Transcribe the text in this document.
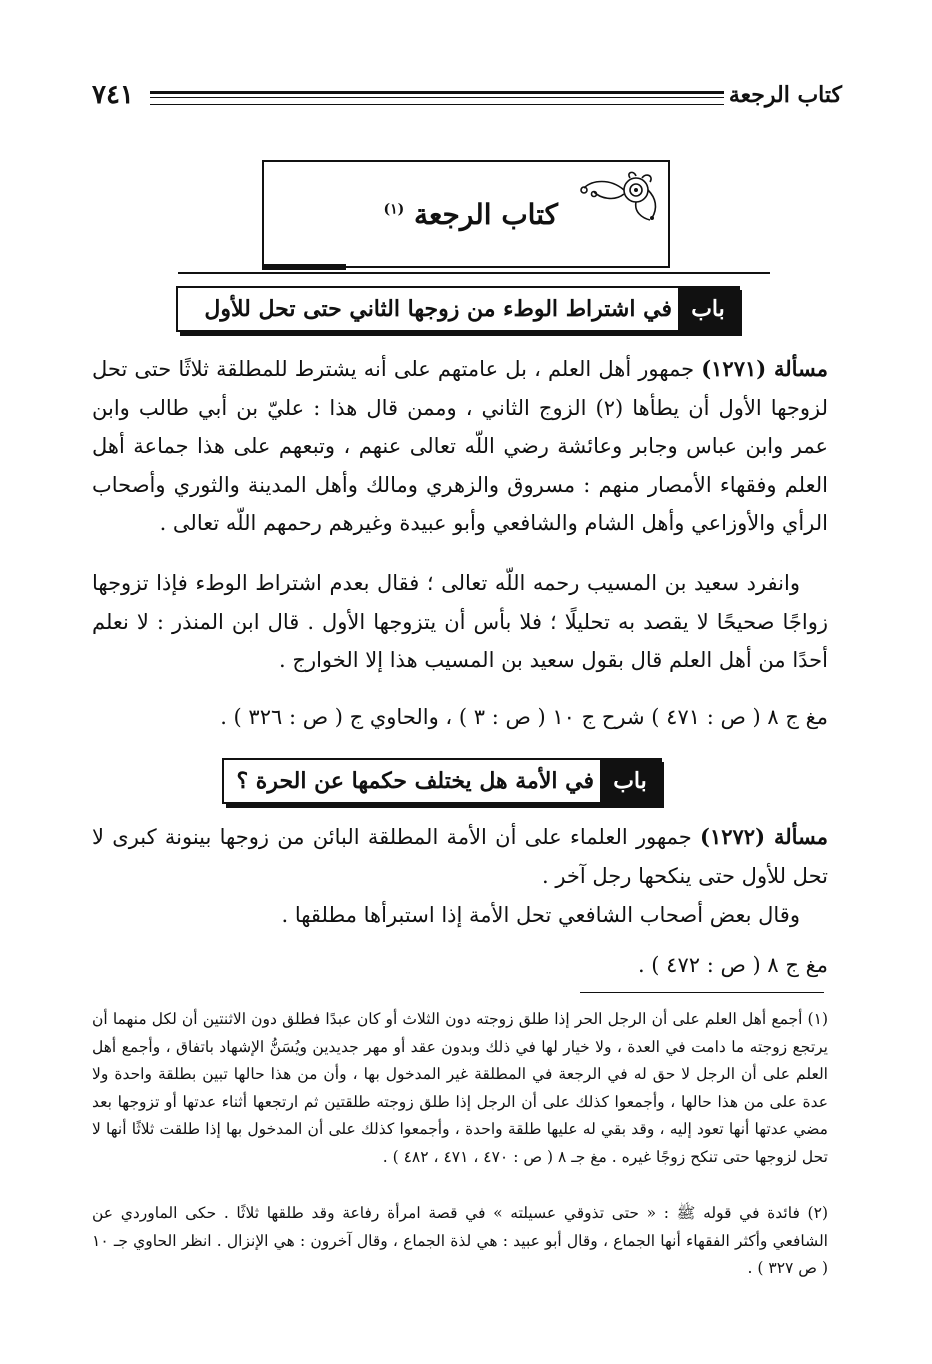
كتاب الرجعة
٧٤١
كتاب الرجعة $^{(١)}$
باب
في اشتراط الوطء من زوجها الثاني حتى تحل للأول
مسألة (١٢٧١) جمهور أهل العلم ، بل عامتهم على أنه يشترط للمطلقة ثلاثًا حتى تحل لزوجها الأول أن يطأها (٢) الزوج الثاني ، وممن قال هذا : عليّ بن أبي طالب وابن عمر وابن عباس وجابر وعائشة رضي اللّه تعالى عنهم ، وتبعهم على هذا جماعة أهل العلم وفقهاء الأمصار منهم : مسروق والزهري ومالك وأهل المدينة والثوري وأصحاب الرأي والأوزاعي وأهل الشام والشافعي وأبو عبيدة وغيرهم رحمهم اللّه تعالى .
وانفرد سعيد بن المسيب رحمه اللّه تعالى ؛ فقال بعدم اشتراط الوطء فإذا تزوجها زواجًا صحيحًا لا يقصد به تحليلًا ؛ فلا بأس أن يتزوجها الأول . قال ابن المنذر : لا نعلم أحدًا من أهل العلم قال بقول سعيد بن المسيب هذا إلا الخوارج .
مغ ج ٨ ( ص : ٤٧١ ) شرح ج ١٠ ( ص : ٣ ) ، والحاوي ج ( ص : ٣٢٦ ) .
باب
في الأمة هل يختلف حكمها عن الحرة ؟
مسألة (١٢٧٢) جمهور العلماء على أن الأمة المطلقة البائن من زوجها بينونة كبرى لا تحل للأول حتى ينكحها رجل آخر .
وقال بعض أصحاب الشافعي تحل الأمة إذا استبرأها مطلقها .
مغ ج ٨ ( ص : ٤٧٢ ) .
(١) أجمع أهل العلم على أن الرجل الحر إذا طلق زوجته دون الثلاث أو كان عبدًا فطلق دون الاثنتين أن لكل منهما أن يرتجع زوجته ما دامت في العدة ، ولا خيار لها في ذلك وبدون عقد أو مهر جديدين ويُسَنُّ الإشهاد باتفاق ، وأجمع أهل العلم على أن الرجل لا حق له في الرجعة في المطلقة غير المدخول بها ، وأن من هذا حالها تبين بطلقة واحدة ولا عدة على من هذا حالها ، وأجمعوا كذلك على أن الرجل إذا طلق زوجته طلقتين ثم ارتجعها أثناء عدتها أو تزوجها بعد مضي عدتها أنها تعود إليه ، وقد بقي له عليها طلقة واحدة ، وأجمعوا كذلك على أن المدخول بها إذا طلقت ثلاثًا أنها لا تحل لزوجها حتى تنكح زوجًا غيره . مغ جـ ٨ ( ص : ٤٧٠ ، ٤٧١ ، ٤٨٢ ) .
(٢) فائدة في قوله ﷺ : « حتى تذوقي عسيلته » في قصة امرأة رفاعة وقد طلقها ثلاثًا . حكى الماوردي عن الشافعي وأكثر الفقهاء أنها الجماع ، وقال أبو عبيد : هي لذة الجماع ، وقال آخرون : هي الإنزال . انظر الحاوي جـ ١٠ ( ص ٣٢٧ ) .
